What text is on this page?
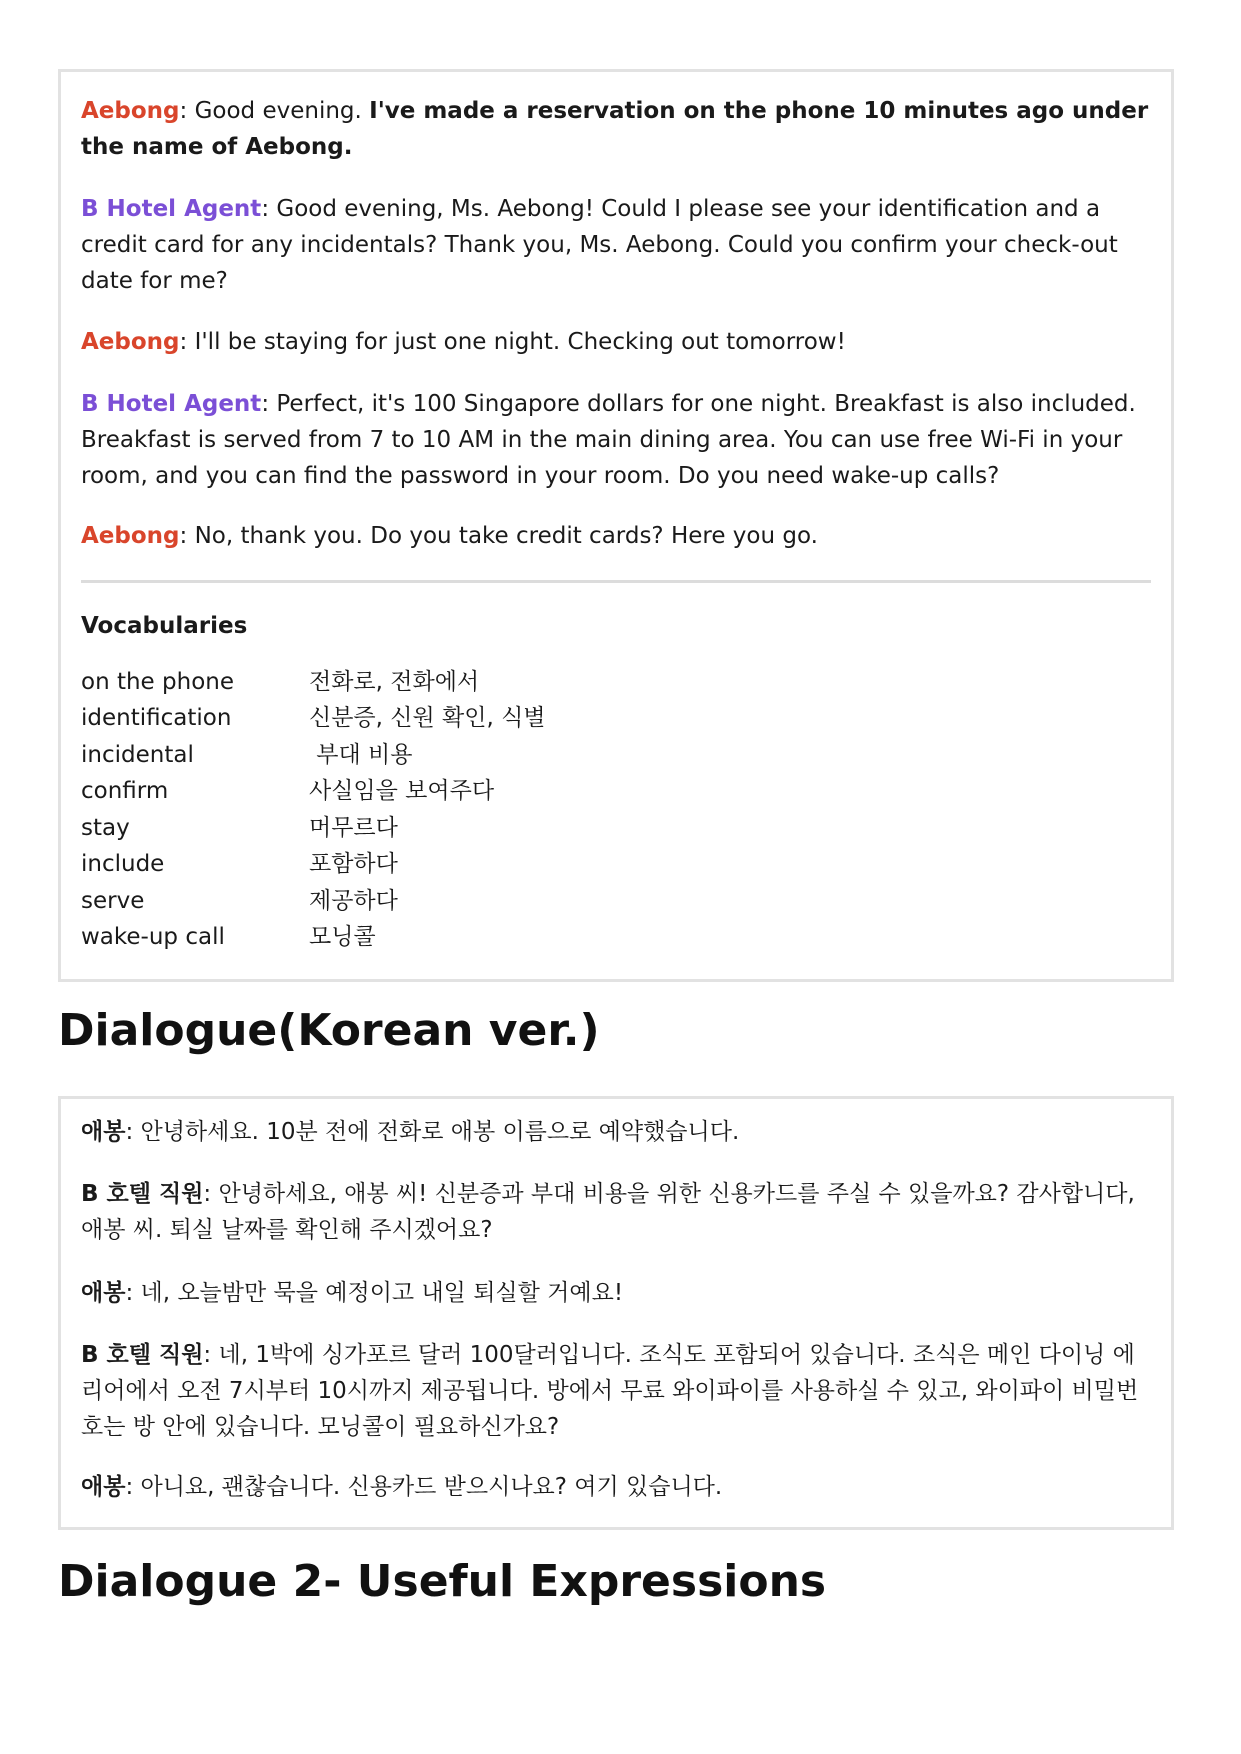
Aebong: Good evening. I've made a reservation on the phone 10 minutes ago under the name of Aebong.

B Hotel Agent: Good evening, Ms. Aebong! Could I please see your identification and a credit card for any incidentals? Thank you, Ms. Aebong. Could you confirm your check-out date for me?

Aebong: I'll be staying for just one night. Checking out tomorrow!

B Hotel Agent: Perfect, it's 100 Singapore dollars for one night. Breakfast is also included. Breakfast is served from 7 to 10 AM in the main dining area. You can use free Wi-Fi in your room, and you can find the password in your room. Do you need wake-up calls?

Aebong: No, thank you. Do you take credit cards? Here you go.

Vocabularies
on the phone	전화로, 전화에서
identification	신분증, 신원 확인, 식별
incidental	부대 비용
confirm	사실임을 보여주다
stay	머무르다
include	포함하다
serve	제공하다
wake-up call	모닝콜
Dialogue(Korean ver.)

애봉: 안녕하세요. 10분 전에 전화로 애봉 이름으로 예약했습니다.

B 호텔 직원: 안녕하세요, 애봉 씨! 신분증과 부대 비용을 위한 신용카드를 주실 수 있을까요? 감사합니다, 애봉 씨. 퇴실 날짜를 확인해 주시겠어요?

애봉: 네, 오늘밤만 묵을 예정이고 내일 퇴실할 거예요!

B 호텔 직원: 네, 1박에 싱가포르 달러 100달러입니다. 조식도 포함되어 있습니다. 조식은 메인 다이닝 에리어에서 오전 7시부터 10시까지 제공됩니다. 방에서 무료 와이파이를 사용하실 수 있고, 와이파이 비밀번호는 방 안에 있습니다. 모닝콜이 필요하신가요?

애봉: 아니요, 괜찮습니다. 신용카드 받으시나요? 여기 있습니다.

Dialogue 2- Useful Expressions
